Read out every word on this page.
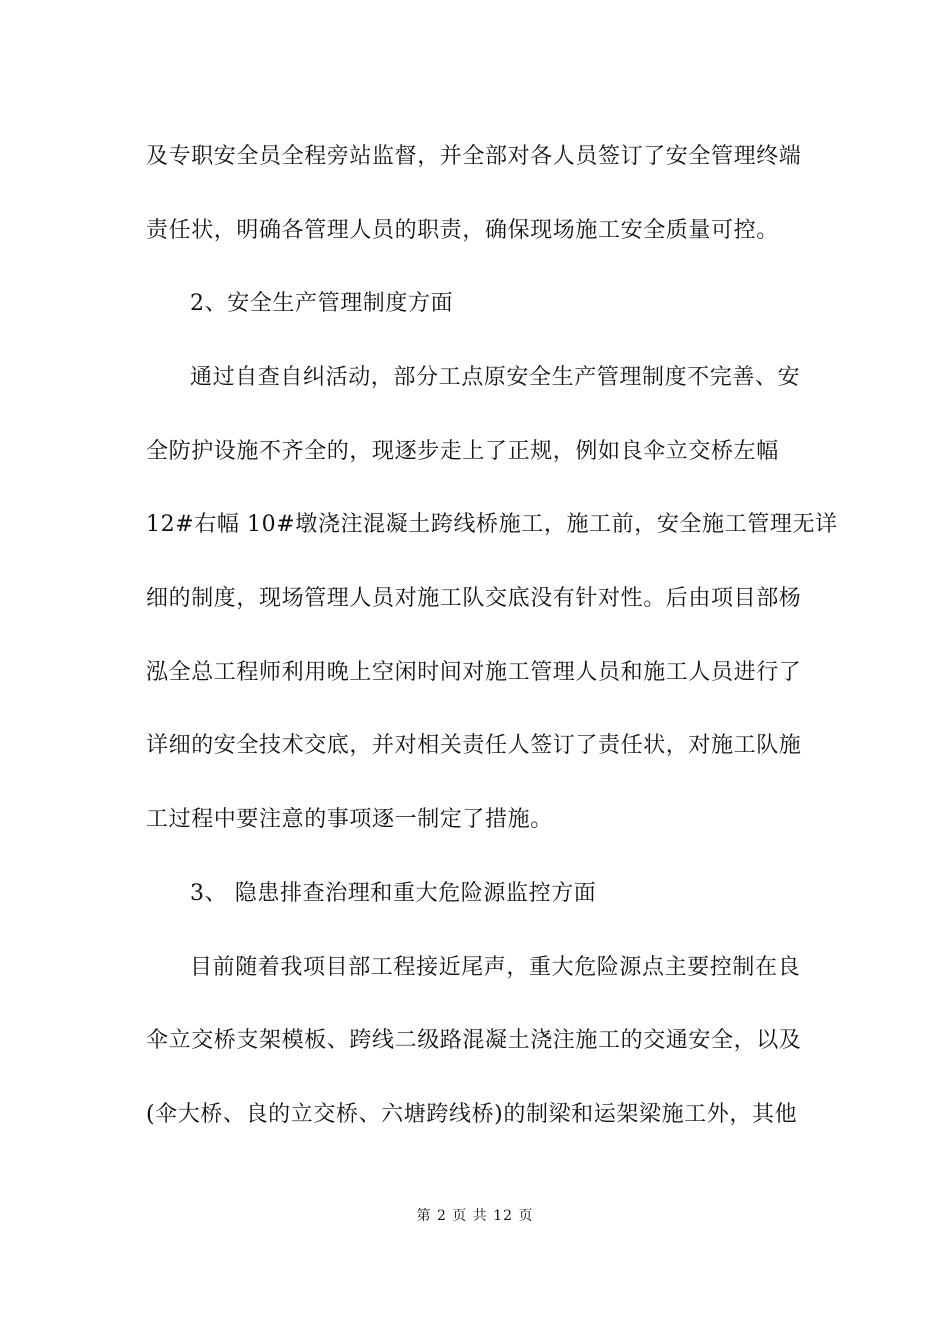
及专职安全员全程旁站监督，并全部对各人员签订了安全管理终端
责任状，明确各管理人员的职责，确保现场施工安全质量可控。
2、安全生产管理制度方面
通过自查自纠活动，部分工点原安全生产管理制度不完善、安
全防护设施不齐全的，现逐步走上了正规，例如良伞立交桥左幅
12#右幅 10#墩浇注混凝土跨线桥施工，施工前，安全施工管理无详
细的制度，现场管理人员对施工队交底没有针对性。后由项目部杨
泓全总工程师利用晚上空闲时间对施工管理人员和施工人员进行了
详细的安全技术交底，并对相关责任人签订了责任状，对施工队施
工过程中要注意的事项逐一制定了措施。
3、 隐患排查治理和重大危险源监控方面
目前随着我项目部工程接近尾声，重大危险源点主要控制在良
伞立交桥支架模板、跨线二级路混凝土浇注施工的交通安全，以及
(伞大桥、良的立交桥、六塘跨线桥)的制梁和运架梁施工外，其他
第 2 页 共 12 页
